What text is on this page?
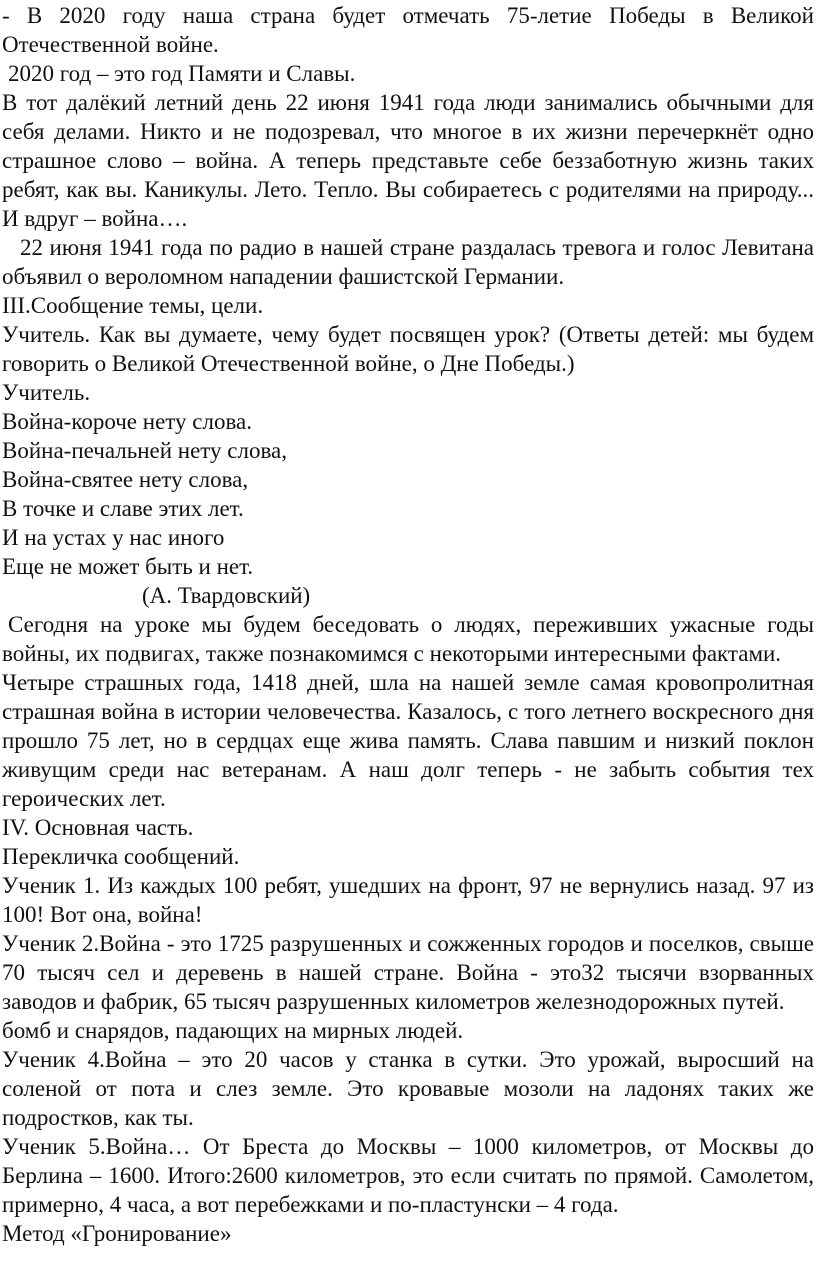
- В 2020 году наша страна будет отмечать 75-летие Победы в Великой Отечественной войне.

2020 год – это год Памяти и Славы.

В тот далёкий летний день 22 июня 1941 года люди занимались обычными для себя делами. Никто и не подозревал, что многое в их жизни перечеркнёт одно страшное слово – война. А теперь представьте себе беззаботную жизнь таких ребят, как вы. Каникулы. Лето. Тепло. Вы собираетесь с родителями на природу... И вдруг – война….

22 июня 1941 года по радио в нашей стране раздалась тревога и голос Левитана объявил о вероломном нападении фашистской Германии.

III.Сообщение темы, цели.

Учитель. Как вы думаете, чему будет посвящен урок? (Ответы детей: мы будем говорить о Великой Отечественной войне, о Дне Победы.)

Учитель.

Война-короче нету слова.

Война-печальней нету слова,

Война-святее нету слова,

В точке и славе этих лет.

И на устах у нас иного

Еще не может быть и нет.

(А. Твардовский)

Сегодня на уроке мы будем беседовать о людях, переживших ужасные годы войны, их подвигах, также познакомимся с некоторыми интересными фактами.

Четыре страшных года, 1418 дней, шла на нашей земле самая кровопролитная страшная война в истории человечества. Казалось, с того летнего воскресного дня прошло 75 лет, но в сердцах еще жива память. Слава павшим и низкий поклон живущим среди нас ветеранам. А наш долг теперь - не забыть события тех героических лет.

IV. Основная часть.

Перекличка сообщений.

Ученик 1. Из каждых 100 ребят, ушедших на фронт, 97 не вернулись назад. 97 из 100! Вот она, война!

Ученик 2.Война - это 1725 разрушенных и сожженных городов и поселков, свыше 70 тысяч сел и деревень в нашей стране. Война - это32 тысячи взорванных заводов и фабрик, 65 тысяч разрушенных километров железнодорожных путей.

бомб и снарядов, падающих на мирных людей.

Ученик 4.Война – это 20 часов у станка в сутки. Это урожай, выросший на соленой от пота и слез земле. Это кровавые мозоли на ладонях таких же подростков, как ты.

Ученик 5.Война… От Бреста до Москвы – 1000 километров, от Москвы до Берлина – 1600. Итого:2600 километров, это если считать по прямой. Самолетом, примерно, 4 часа, а вот перебежками и по-пластунски – 4 года.

Метод «Гронирование»
